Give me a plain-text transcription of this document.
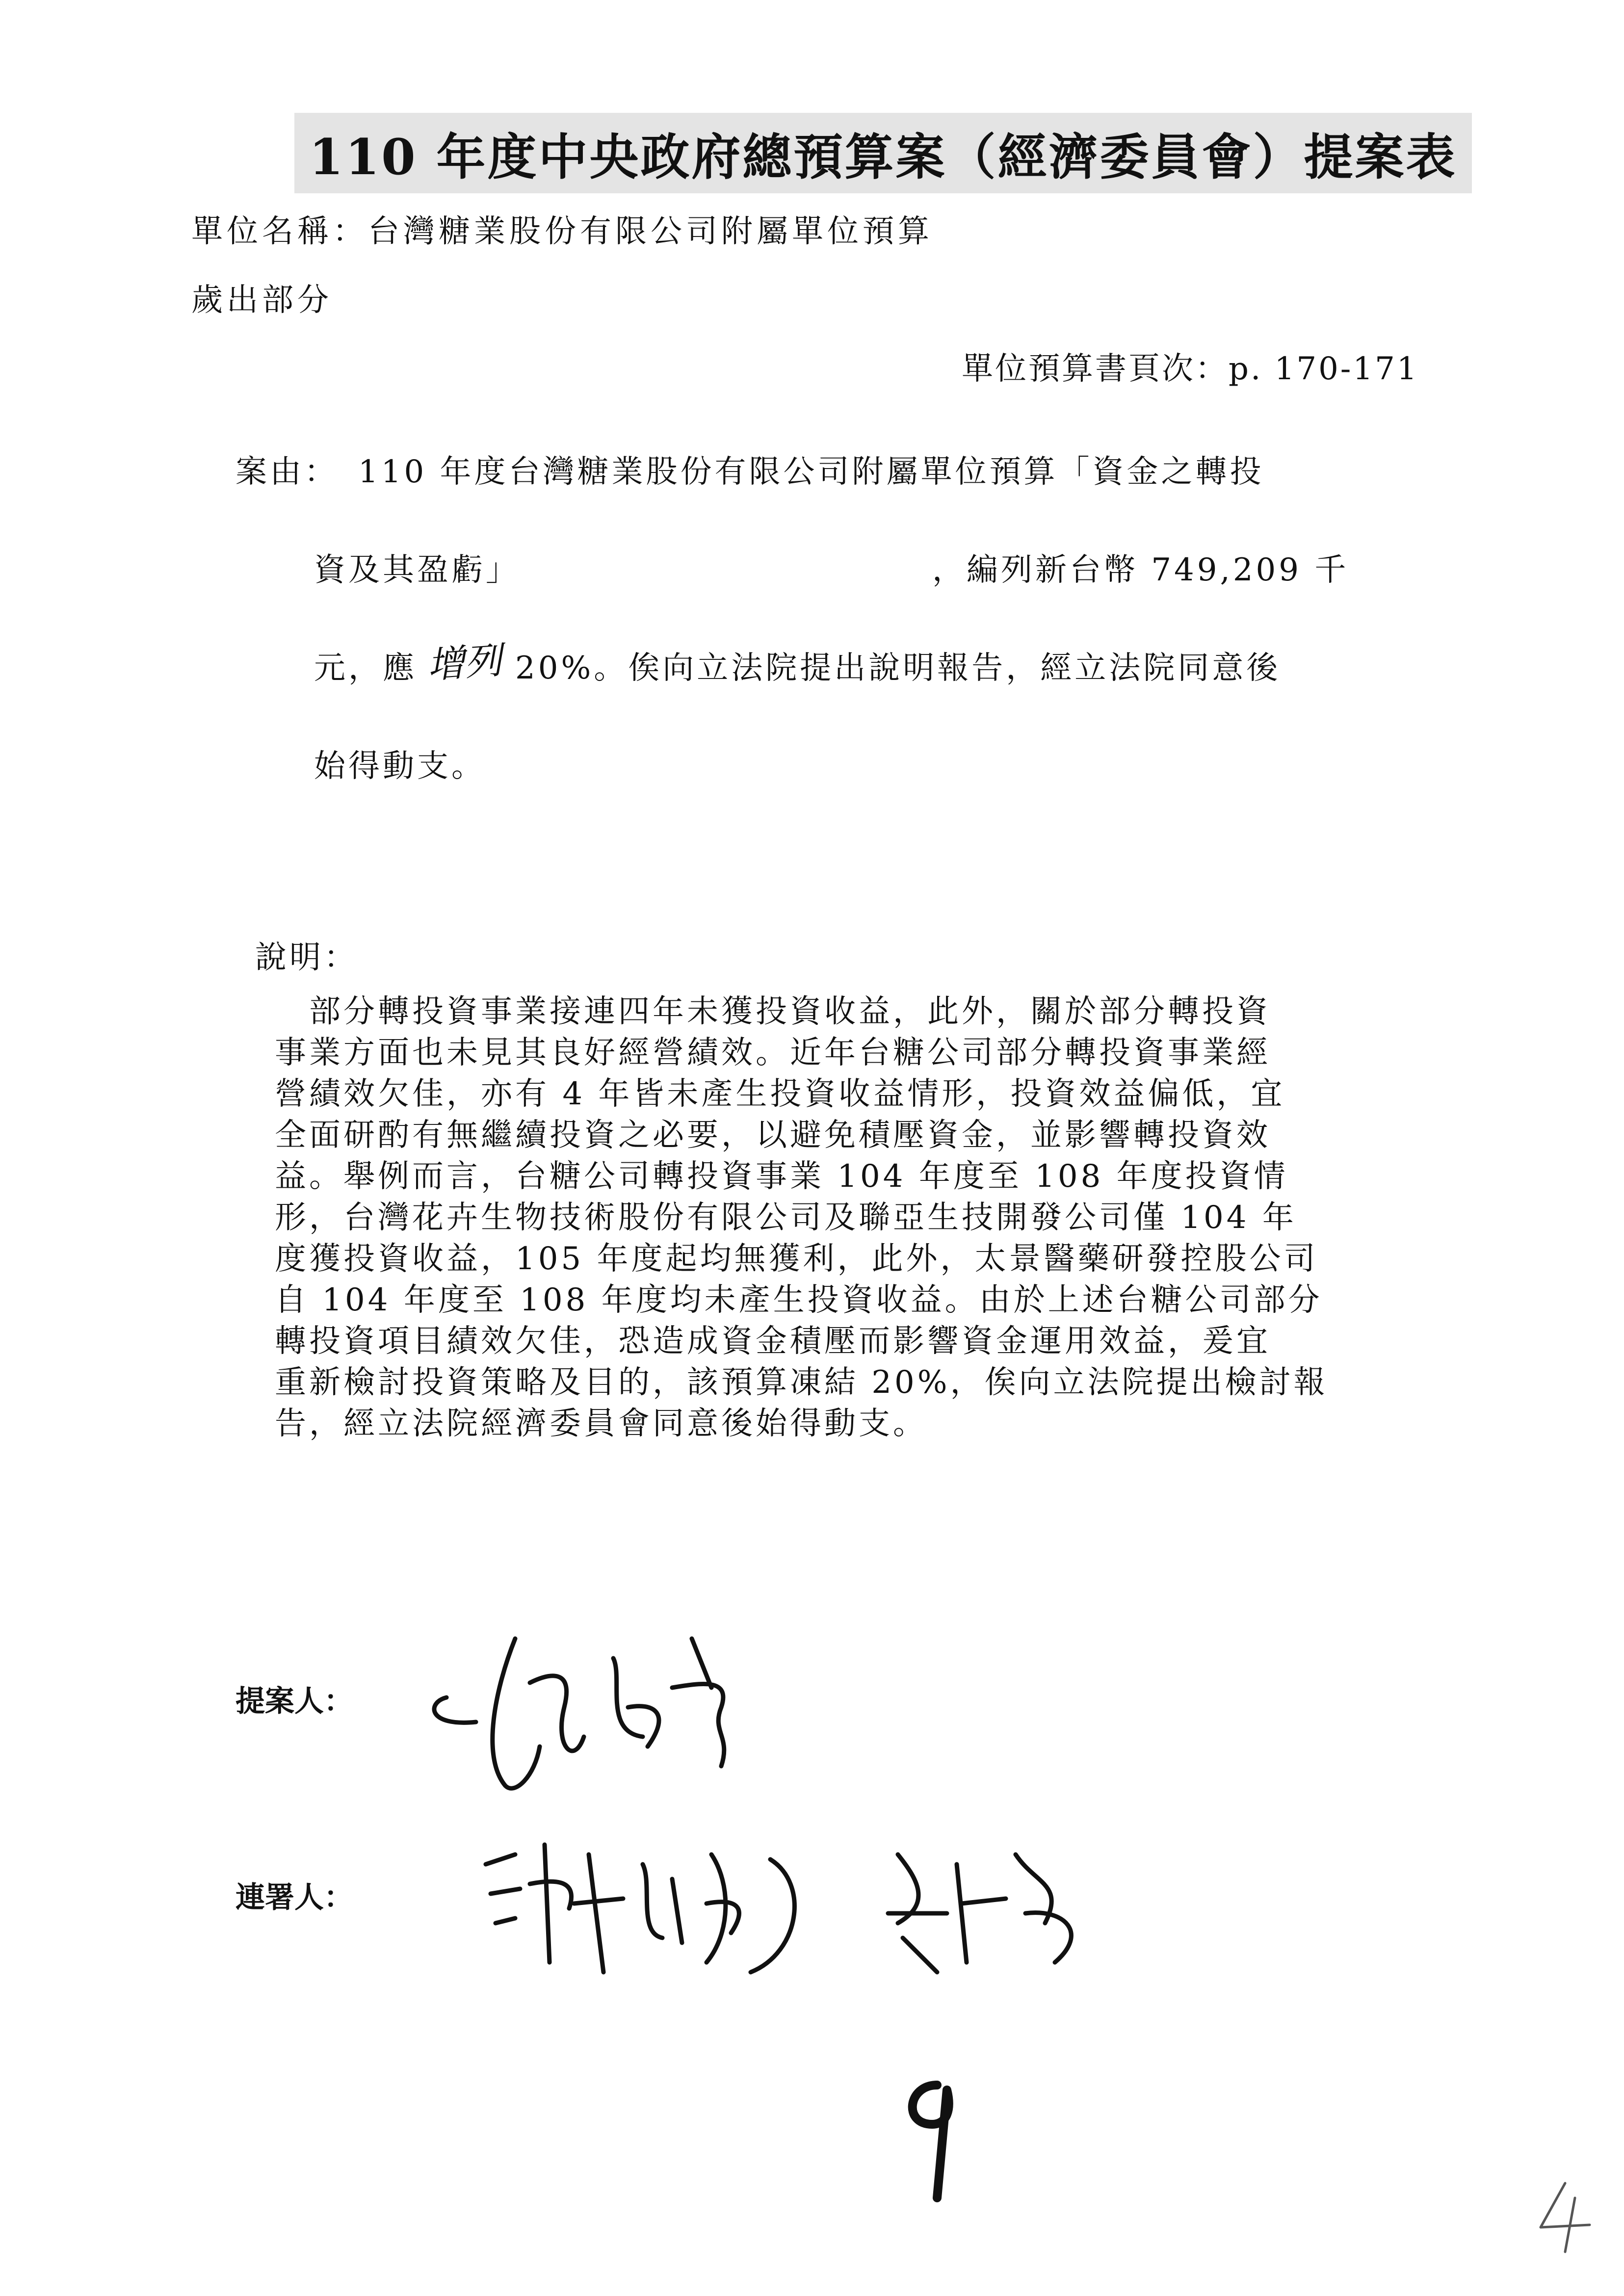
110 年度中央政府總預算案（經濟委員會）提案表
單位名稱：台灣糖業股份有限公司附屬單位預算
歲出部分
單位預算書頁次：p. 170-171
案由： 110 年度台灣糖業股份有限公司附屬單位預算「資金之轉投
資及其盈虧」	，編列新台幣 749,209 千
元，應 增列 20%。俟向立法院提出說明報告，經立法院同意後
始得動支。
說明：

　部分轉投資事業接連四年未獲投資收益，此外，關於部分轉投資

事業方面也未見其良好經營績效。近年台糖公司部分轉投資事業經

營績效欠佳，亦有 4 年皆未產生投資收益情形，投資效益偏低，宜

全面研酌有無繼續投資之必要，以避免積壓資金，並影響轉投資效

益。舉例而言，台糖公司轉投資事業 104 年度至 108 年度投資情

形，台灣花卉生物技術股份有限公司及聯亞生技開發公司僅 104 年

度獲投資收益，105 年度起均無獲利，此外，太景醫藥研發控股公司

自 104 年度至 108 年度均未產生投資收益。由於上述台糖公司部分

轉投資項目績效欠佳，恐造成資金積壓而影響資金運用效益，爰宜

重新檢討投資策略及目的，該預算凍結 20%，俟向立法院提出檢討報

告，經立法院經濟委員會同意後始得動支。

提案人：
連署人：
